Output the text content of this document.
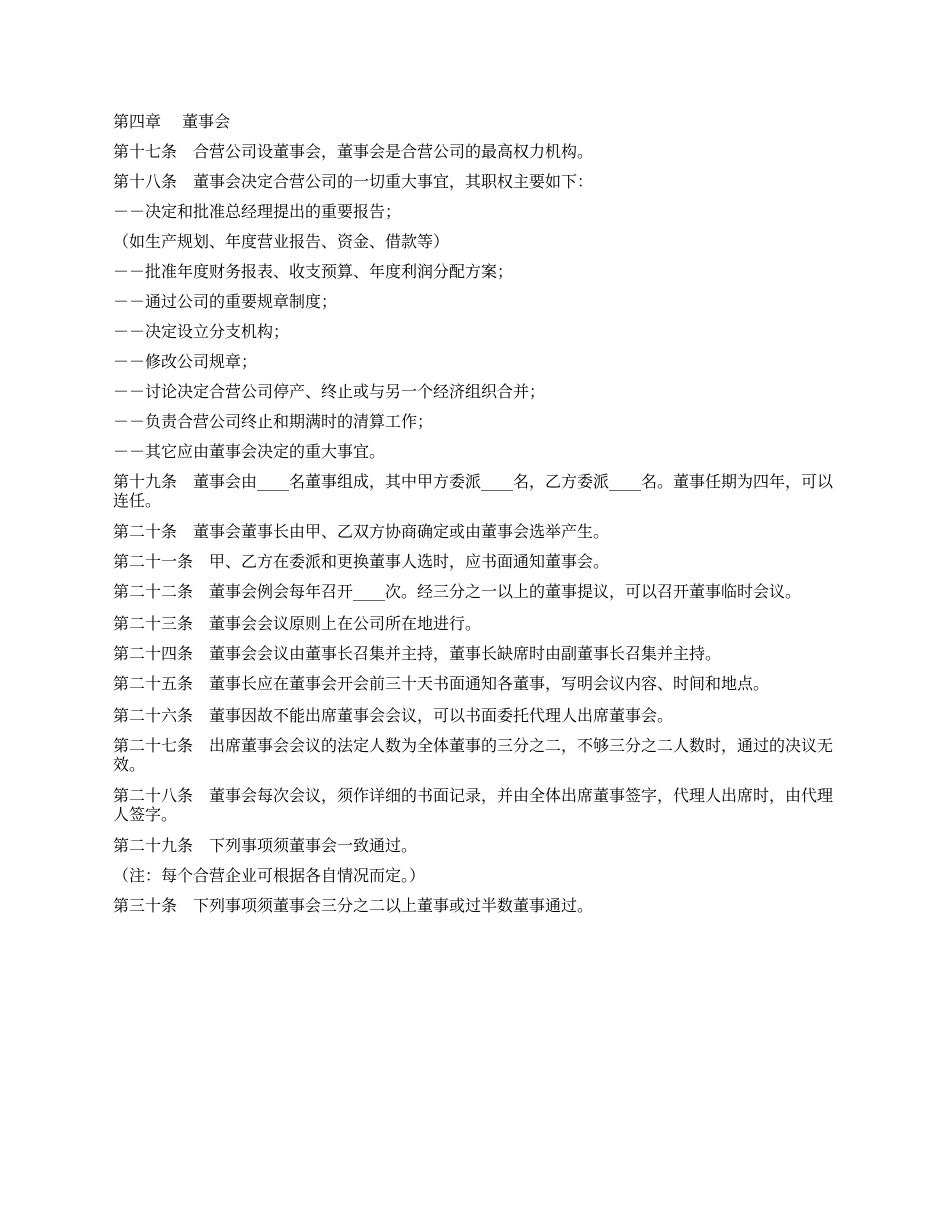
第四章　 董事会

第十七条　合营公司设董事会，董事会是合营公司的最高权力机构。

第十八条　董事会决定合营公司的一切重大事宜，其职权主要如下：

－－决定和批准总经理提出的重要报告；

（如生产规划、年度营业报告、资金、借款等）

－－批准年度财务报表、收支预算、年度利润分配方案；

－－通过公司的重要规章制度；

－－决定设立分支机构；

－－修改公司规章；

－－讨论决定合营公司停产、终止或与另一个经济组织合并；

－－负责合营公司终止和期满时的清算工作；

－－其它应由董事会决定的重大事宜。

第十九条　董事会由____名董事组成，其中甲方委派____名，乙方委派____名。董事任期为四年，可以连任。

第二十条　董事会董事长由甲、乙双方协商确定或由董事会选举产生。

第二十一条　甲、乙方在委派和更换董事人选时，应书面通知董事会。

第二十二条　董事会例会每年召开____次。经三分之一以上的董事提议，可以召开董事临时会议。

第二十三条　董事会会议原则上在公司所在地进行。

第二十四条　董事会会议由董事长召集并主持，董事长缺席时由副董事长召集并主持。

第二十五条　董事长应在董事会开会前三十天书面通知各董事，写明会议内容、时间和地点。

第二十六条　董事因故不能出席董事会会议，可以书面委托代理人出席董事会。

第二十七条　出席董事会会议的法定人数为全体董事的三分之二，不够三分之二人数时，通过的决议无效。

第二十八条　董事会每次会议，须作详细的书面记录，并由全体出席董事签字，代理人出席时，由代理人签字。

第二十九条　下列事项须董事会一致通过。

（注：每个合营企业可根据各自情况而定。）

第三十条　下列事项须董事会三分之二以上董事或过半数董事通过。
